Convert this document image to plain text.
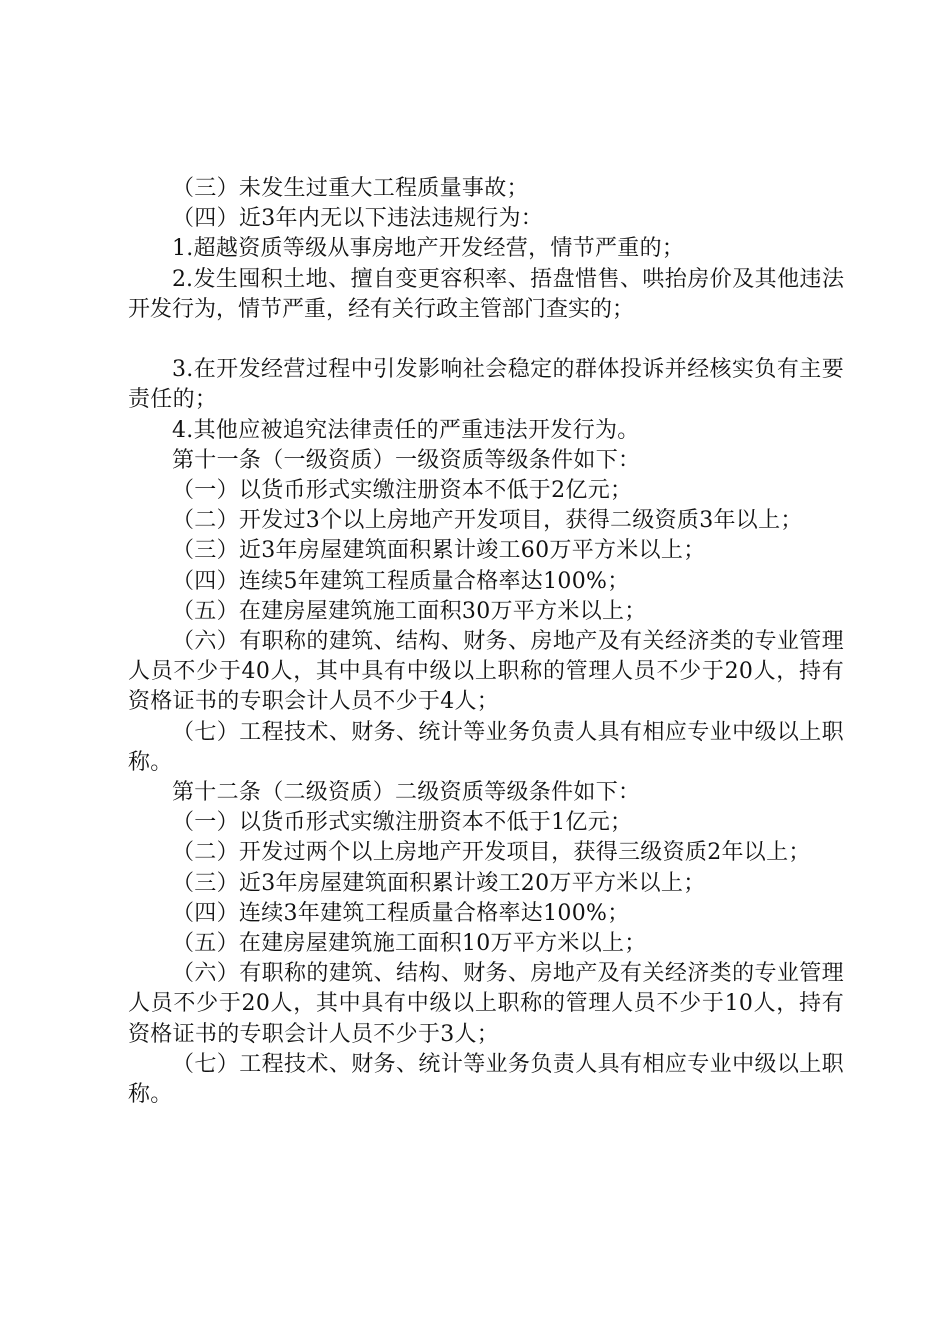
（三）未发生过重大工程质量事故；

（四）近3年内无以下违法违规行为：

1.超越资质等级从事房地产开发经营，情节严重的；

2.发生囤积土地、擅自变更容积率、捂盘惜售、哄抬房价及其他违法开发行为，情节严重，经有关行政主管部门查实的；

3.在开发经营过程中引发影响社会稳定的群体投诉并经核实负有主要责任的；

4.其他应被追究法律责任的严重违法开发行为。

第十一条（一级资质）一级资质等级条件如下：

（一）以货币形式实缴注册资本不低于2亿元；

（二）开发过3个以上房地产开发项目，获得二级资质3年以上；

（三）近3年房屋建筑面积累计竣工60万平方米以上；

（四）连续5年建筑工程质量合格率达100%；

（五）在建房屋建筑施工面积30万平方米以上；

（六）有职称的建筑、结构、财务、房地产及有关经济类的专业管理人员不少于40人，其中具有中级以上职称的管理人员不少于20人，持有资格证书的专职会计人员不少于4人；

（七）工程技术、财务、统计等业务负责人具有相应专业中级以上职称。

第十二条（二级资质）二级资质等级条件如下：

（一）以货币形式实缴注册资本不低于1亿元；

（二）开发过两个以上房地产开发项目，获得三级资质2年以上；

（三）近3年房屋建筑面积累计竣工20万平方米以上；

（四）连续3年建筑工程质量合格率达100%；

（五）在建房屋建筑施工面积10万平方米以上；

（六）有职称的建筑、结构、财务、房地产及有关经济类的专业管理人员不少于20人，其中具有中级以上职称的管理人员不少于10人，持有资格证书的专职会计人员不少于3人；

（七）工程技术、财务、统计等业务负责人具有相应专业中级以上职称。
